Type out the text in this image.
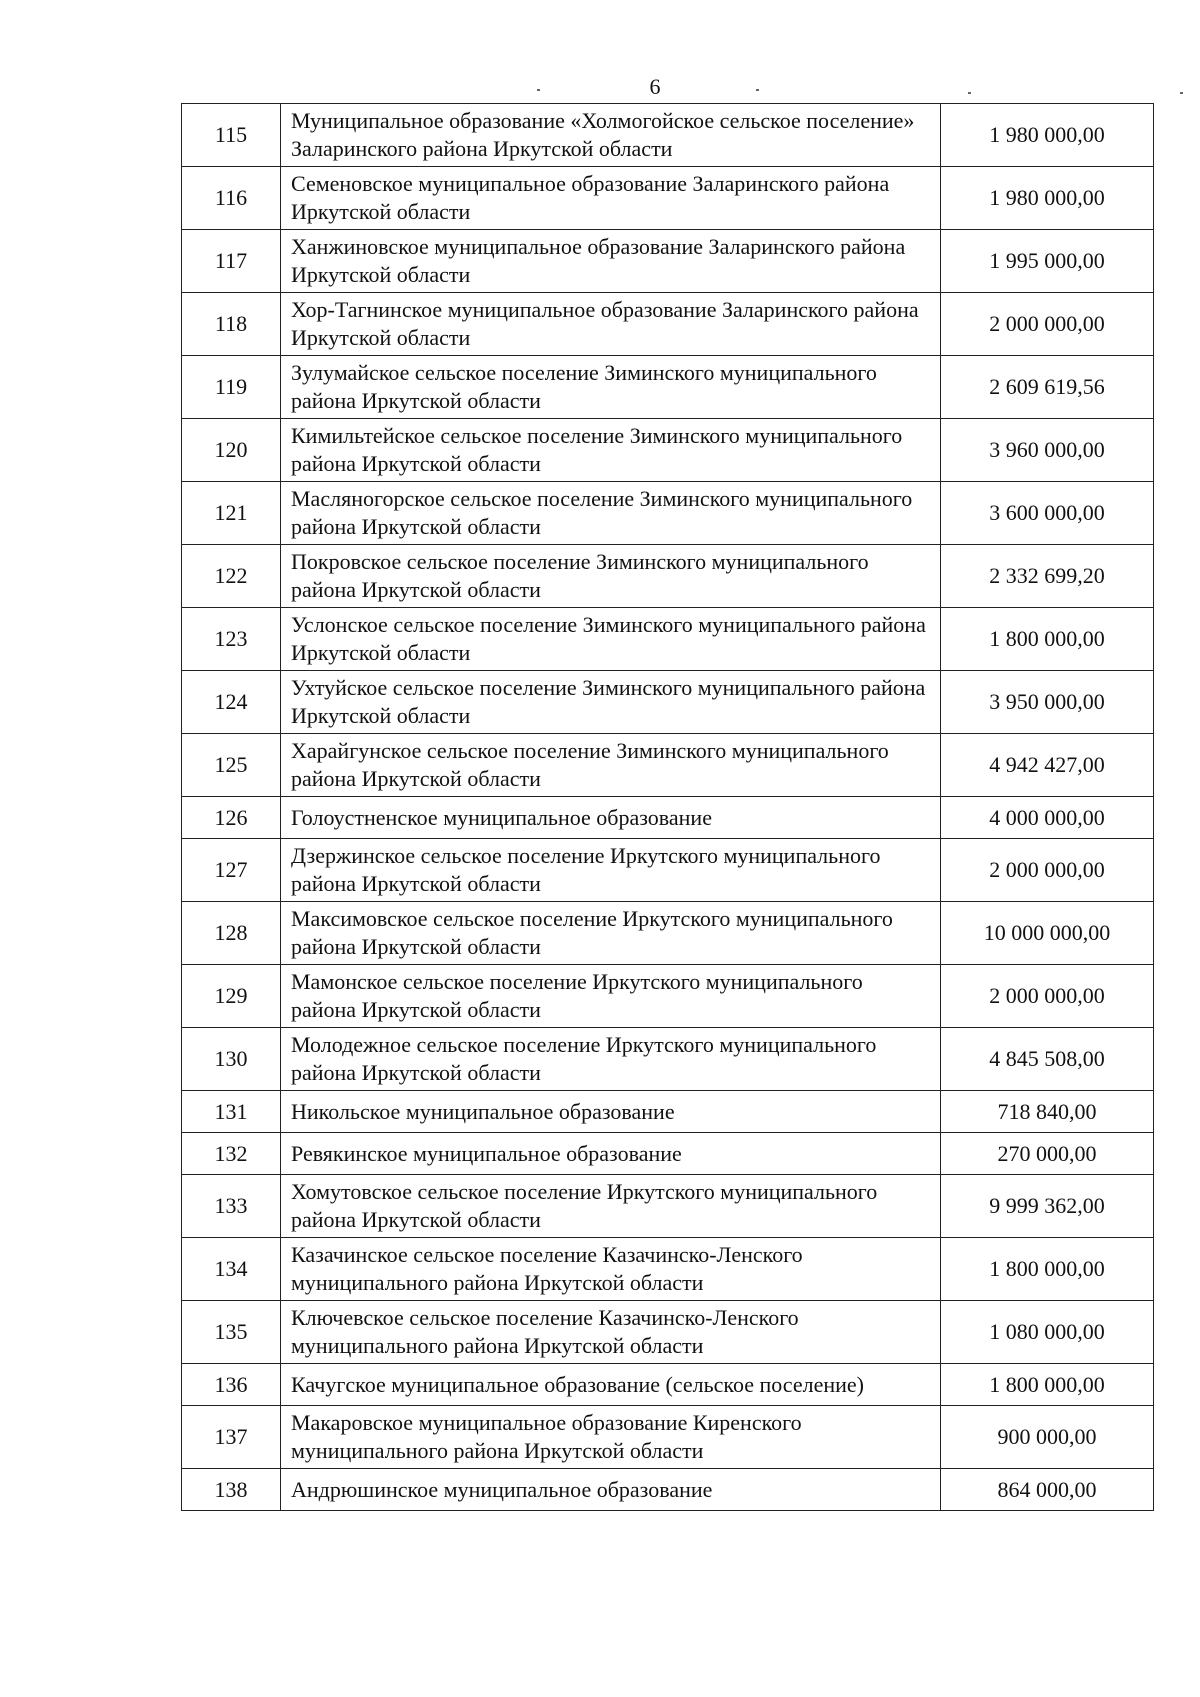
6
115	Муниципальное образование «Холмогойское сельское поселение» Заларинского района Иркутской области	1 980 000,00
116	Семеновское муниципальное образование Заларинского района Иркутской области	1 980 000,00
117	Ханжиновское муниципальное образование Заларинского района Иркутской области	1 995 000,00
118	Хор-Тагнинское муниципальное образование Заларинского района Иркутской области	2 000 000,00
119	Зулумайское сельское поселение Зиминского муниципального района Иркутской области	2 609 619,56
120	Кимильтейское сельское поселение Зиминского муниципального района Иркутской области	3 960 000,00
121	Масляногорское сельское поселение Зиминского муниципального района Иркутской области	3 600 000,00
122	Покровское сельское поселение Зиминского муниципального района Иркутской области	2 332 699,20
123	Услонское сельское поселение Зиминского муниципального района Иркутской области	1 800 000,00
124	Ухтуйское сельское поселение Зиминского муниципального района Иркутской области	3 950 000,00
125	Харайгунское сельское поселение Зиминского муниципального района Иркутской области	4 942 427,00
126	Голоустненское муниципальное образование	4 000 000,00
127	Дзержинское сельское поселение Иркутского муниципального района Иркутской области	2 000 000,00
128	Максимовское сельское поселение Иркутского муниципального района Иркутской области	10 000 000,00
129	Мамонское сельское поселение Иркутского муниципального района Иркутской области	2 000 000,00
130	Молодежное сельское поселение Иркутского муниципального района Иркутской области	4 845 508,00
131	Никольское муниципальное образование	718 840,00
132	Ревякинское муниципальное образование	270 000,00
133	Хомутовское сельское поселение Иркутского муниципального района Иркутской области	9 999 362,00
134	Казачинское сельское поселение Казачинско-Ленского муниципального района Иркутской области	1 800 000,00
135	Ключевское сельское поселение Казачинско-Ленского муниципального района Иркутской области	1 080 000,00
136	Качугское муниципальное образование (сельское поселение)	1 800 000,00
137	Макаровское муниципальное образование Киренского муниципального района Иркутской области	900 000,00
138	Андрюшинское муниципальное образование	864 000,00
